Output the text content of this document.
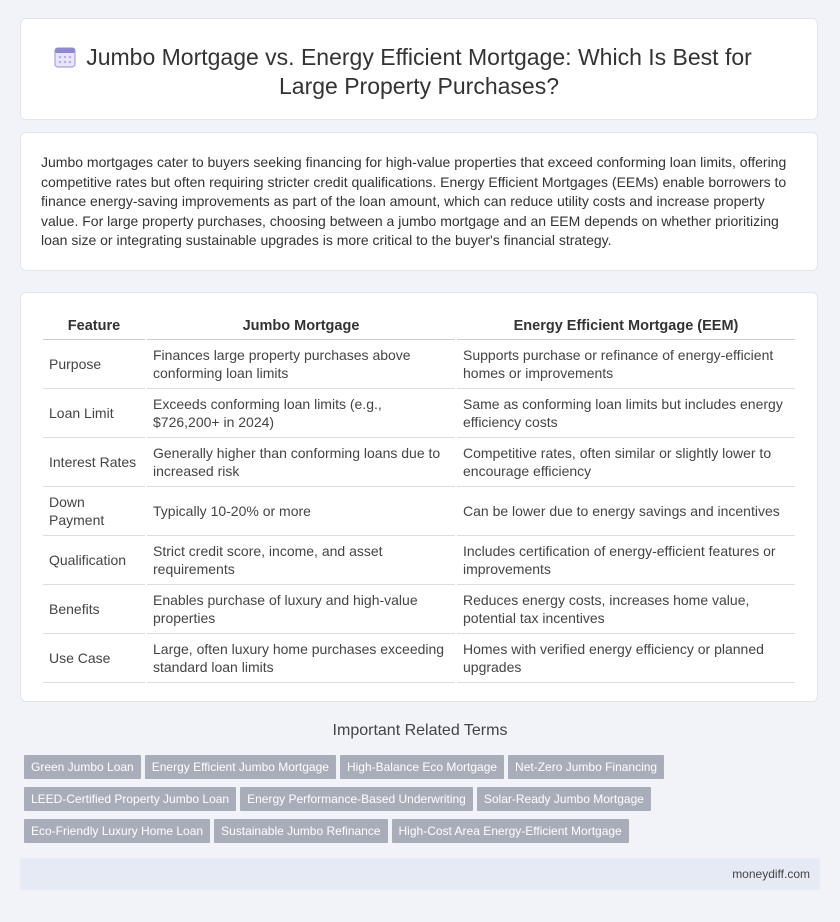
Jumbo Mortgage vs. Energy Efficient Mortgage: Which Is Best for Large Property Purchases?

Jumbo mortgages cater to buyers seeking financing for high-value properties that exceed conforming loan limits, offering competitive rates but often requiring stricter credit qualifications. Energy Efficient Mortgages (EEMs) enable borrowers to finance energy-saving improvements as part of the loan amount, which can reduce utility costs and increase property value. For large property purchases, choosing between a jumbo mortgage and an EEM depends on whether prioritizing loan size or integrating sustainable upgrades is more critical to the buyer's financial strategy.

Feature	Jumbo Mortgage	Energy Efficient Mortgage (EEM)
Purpose	Finances large property purchases above conforming loan limits	Supports purchase or refinance of energy-efficient homes or improvements
Loan Limit	Exceeds conforming loan limits (e.g., $726,200+ in 2024)	Same as conforming loan limits but includes energy efficiency costs
Interest Rates	Generally higher than conforming loans due to increased risk	Competitive rates, often similar or slightly lower to encourage efficiency
Down Payment	Typically 10-20% or more	Can be lower due to energy savings and incentives
Qualification	Strict credit score, income, and asset requirements	Includes certification of energy-efficient features or improvements
Benefits	Enables purchase of luxury and high-value properties	Reduces energy costs, increases home value, potential tax incentives
Use Case	Large, often luxury home purchases exceeding standard loan limits	Homes with verified energy efficiency or planned upgrades
Important Related Terms
Green Jumbo Loan Energy Efficient Jumbo Mortgage High-Balance Eco Mortgage Net-Zero Jumbo Financing
LEED-Certified Property Jumbo Loan Energy Performance-Based Underwriting Solar-Ready Jumbo Mortgage
Eco-Friendly Luxury Home Loan Sustainable Jumbo Refinance High-Cost Area Energy-Efficient Mortgage
moneydiff.com
